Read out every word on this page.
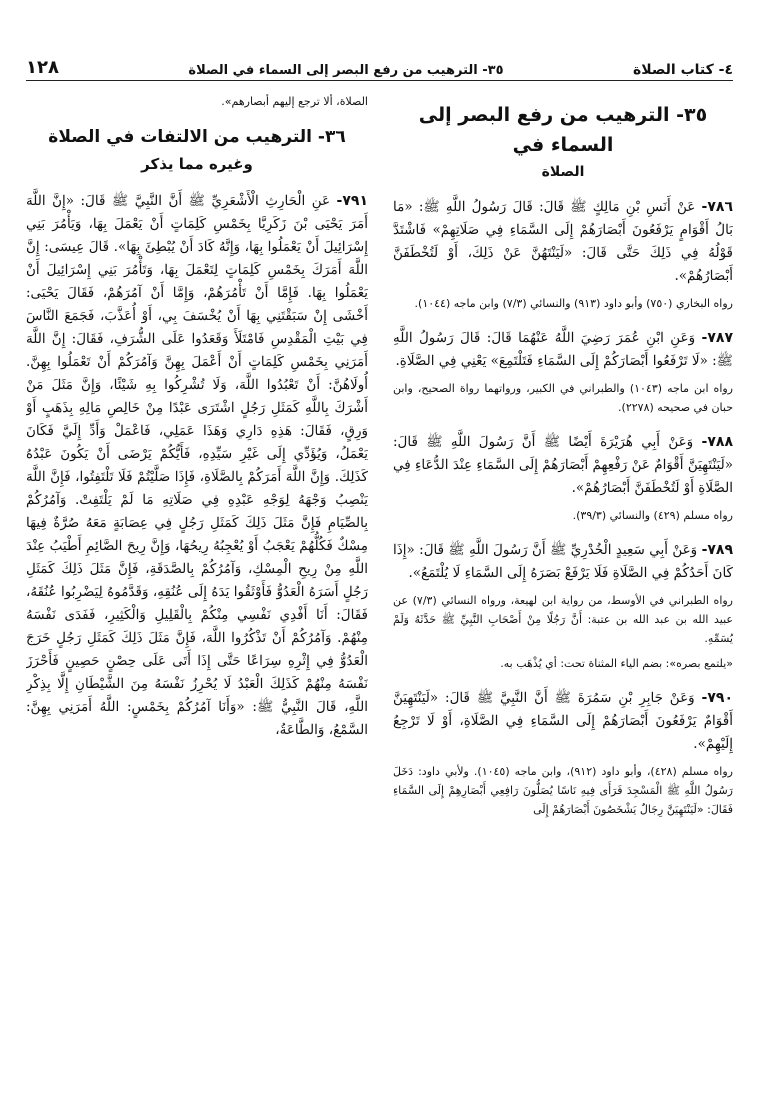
٤- كتاب الصلاة
٣٥- الترهيب من رفع البصر إلى السماء في الصلاة
١٢٨
٣٥- الترهيب من رفع البصر إلى السماء في
الصلاة

٧٨٦- عَنْ أَنَسِ بْنِ مَالِكٍ ﷺ قَالَ: قَالَ رَسُولُ اللَّهِ ﷺ: «مَا بَالُ أَقْوَامٍ يَرْفَعُونَ أَبْصَارَهُمْ إِلَى السَّمَاءِ فِي صَلَاتِهِمْ» فَاشْتَدَّ قَوْلُهُ فِي ذَلِكَ حَتَّى قَالَ: «لَيَنْتَهُنَّ عَنْ ذَلِكَ، أَوْ لَتُخْطَفَنَّ أَبْصَارُهُمْ».

رواه البخاري (٧٥٠) وأبو داود (٩١٣) والنسائي (٧/٣) وابن ماجه (١٠٤٤).

٧٨٧- وَعَنِ ابْنِ عُمَرَ رَضِيَ اللَّهُ عَنْهُمَا قَالَ: قَالَ رَسُولُ اللَّهِ ﷺ: «لَا تَرْفَعُوا أَبْصَارَكُمْ إِلَى السَّمَاءِ فَتَلْتَمِعَ» يَعْنِي فِي الصَّلَاةِ.

رواه ابن ماجه (١٠٤٣) والطبراني في الكبير، ورواتهما رواة الصحيح، وابن حبان في صحيحه (٢٢٧٨).

٧٨٨- وَعَنْ أَبِي هُرَيْرَةَ أَيْضًا ﷺ أَنَّ رَسُولَ اللَّهِ ﷺ قَالَ: «لَيَنْتَهِيَنَّ أَقْوَامٌ عَنْ رَفْعِهِمْ أَبْصَارَهُمْ إِلَى السَّمَاءِ عِنْدَ الدُّعَاءِ فِي الصَّلَاةِ أَوْ لَتُخْطَفَنَّ أَبْصَارُهُمْ».

رواه مسلم (٤٢٩) والنسائي (٣٩/٣).

٧٨٩- وَعَنْ أَبِي سَعِيدٍ الْخُدْرِيِّ ﷺ أَنَّ رَسُولَ اللَّهِ ﷺ قَالَ: «إِذَا كَانَ أَحَدُكُمْ فِي الصَّلَاةِ فَلَا يَرْفَعْ بَصَرَهُ إِلَى السَّمَاءِ لَا يُلْتَمَعُ».

رواه الطبراني في الأوسط، من رواية ابن لهيعة، ورواه النسائي (٧/٣) عن عبيد الله بن عبد الله بن عتبة: أَنَّ رَجُلًا مِنْ أَصْحَابِ النَّبِيِّ ﷺ حَدَّثَهُ وَلَمْ يُسَمِّهِ.

«يلتمع بصره»: بضم الياء المثناة تحت: أي يُذْهَب به.

٧٩٠- وَعَنْ جَابِرِ بْنِ سَمُرَةَ ﷺ أَنَّ النَّبِيَّ ﷺ قَالَ: «لَيَنْتَهِيَنَّ أَقْوَامٌ يَرْفَعُونَ أَبْصَارَهُمْ إِلَى السَّمَاءِ فِي الصَّلَاةِ، أَوْ لَا تَرْجِعُ إِلَيْهِمْ».

رواه مسلم (٤٢٨)، وأبو داود (٩١٢)، وابن ماجه (١٠٤٥). ولأبي داود: دَخَلَ رَسُولُ اللَّهِ ﷺ الْمَسْجِدَ فَرَأَى فِيهِ نَاسًا يُصَلُّونَ رَافِعِي أَبْصَارِهِمْ إِلَى السَّمَاءِ فَقَالَ: «لَيَنْتَهِيَنَّ رِجَالٌ يَشْخَصُونَ أَبْصَارَهُمْ إِلَى

الصلاة، ألا ترجع إليهم أبصارهم».

٣٦- الترهيب من الالتفات في الصلاة
وغيره مما يذكر

٧٩١- عَنِ الْحَارِثِ الْأَشْعَرِيِّ ﷺ أَنَّ النَّبِيَّ ﷺ قَالَ: «إِنَّ اللَّهَ أَمَرَ يَحْيَى بْنَ زَكَرِيَّا بِخَمْسِ كَلِمَاتٍ أَنْ يَعْمَلَ بِهَا، وَيَأْمُرَ بَنِي إِسْرَائِيلَ أَنْ يَعْمَلُوا بِهَا، وَإِنَّهُ كَادَ أَنْ يُبْطِئَ بِهَا». قَالَ عِيسَى: إِنَّ اللَّهَ أَمَرَكَ بِخَمْسِ كَلِمَاتٍ لِتَعْمَلَ بِهَا، وَتَأْمُرَ بَنِي إِسْرَائِيلَ أَنْ يَعْمَلُوا بِهَا. فَإِمَّا أَنْ تَأْمُرَهُمْ، وَإِمَّا أَنْ آمُرَهُمْ، فَقَالَ يَحْيَى: أَخْشَى إِنْ سَبَقْتَنِي بِهَا أَنْ يُخْسَفَ بِي، أَوْ أُعَذَّبَ، فَجَمَعَ النَّاسَ فِي بَيْتِ الْمَقْدِسِ فَامْتَلَأَ وَقَعَدُوا عَلَى الشُّرَفِ، فَقَالَ: إِنَّ اللَّهَ أَمَرَنِي بِخَمْسِ كَلِمَاتٍ أَنْ أَعْمَلَ بِهِنَّ وَآمُرَكُمْ أَنْ تَعْمَلُوا بِهِنَّ. أُولَاهُنَّ: أَنْ تَعْبُدُوا اللَّهَ، وَلَا تُشْرِكُوا بِهِ شَيْئًا، وَإِنَّ مَثَلَ مَنْ أَشْرَكَ بِاللَّهِ كَمَثَلِ رَجُلٍ اشْتَرَى عَبْدًا مِنْ خَالِصِ مَالِهِ بِذَهَبٍ أَوْ وَرِقٍ، فَقَالَ: هَذِهِ دَارِي وَهَذَا عَمَلِي، فَاعْمَلْ وَأَدِّ إِلَيَّ فَكَانَ يَعْمَلُ، وَيُؤَدِّي إِلَى غَيْرِ سَيِّدِهِ، فَأَيُّكُمْ يَرْضَى أَنْ يَكُونَ عَبْدُهُ كَذَلِكَ. وَإِنَّ اللَّهَ أَمَرَكُمْ بِالصَّلَاةِ، فَإِذَا صَلَّيْتُمْ فَلَا تَلْتَفِتُوا، فَإِنَّ اللَّهَ يَنْصِبُ وَجْهَهُ لِوَجْهِ عَبْدِهِ فِي صَلَاتِهِ مَا لَمْ يَلْتَفِتْ. وَآمُرُكُمْ بِالصِّيَامِ فَإِنَّ مَثَلَ ذَلِكَ كَمَثَلِ رَجُلٍ فِي عِصَابَةٍ مَعَهُ صُرَّةٌ فِيهَا مِسْكٌ فَكُلُّهُمْ يَعْجَبُ أَوْ يُعْجِبُهُ رِيحُهَا، وَإِنَّ رِيحَ الصَّائِمِ أَطْيَبُ عِنْدَ اللَّهِ مِنْ رِيحِ الْمِسْكِ، وَآمُرُكُمْ بِالصَّدَقَةِ، فَإِنَّ مَثَلَ ذَلِكَ كَمَثَلِ رَجُلٍ أَسَرَهُ الْعَدُوُّ فَأَوْثَقُوا يَدَهُ إِلَى عُنُقِهِ، وَقَدَّمُوهُ لِيَضْرِبُوا عُنُقَهُ، فَقَالَ: أَنَا أَفْدِي نَفْسِي مِنْكُمْ بِالْقَلِيلِ وَالْكَثِيرِ، فَفَدَى نَفْسَهُ مِنْهُمْ. وَآمُرُكُمْ أَنْ تَذْكُرُوا اللَّهَ، فَإِنَّ مَثَلَ ذَلِكَ كَمَثَلِ رَجُلٍ خَرَجَ الْعَدُوُّ فِي إِثْرِهِ سِرَاعًا حَتَّى إِذَا أَتَى عَلَى حِصْنٍ حَصِينٍ فَأَحْرَزَ نَفْسَهُ مِنْهُمْ كَذَلِكَ الْعَبْدُ لَا يُحْرِزُ نَفْسَهُ مِنَ الشَّيْطَانِ إِلَّا بِذِكْرِ اللَّهِ، قَالَ النَّبِيُّ ﷺ: «وَأَنَا آمُرُكُمْ بِخَمْسٍ: اللَّهُ أَمَرَنِي بِهِنَّ: السَّمْعُ، وَالطَّاعَةُ،
